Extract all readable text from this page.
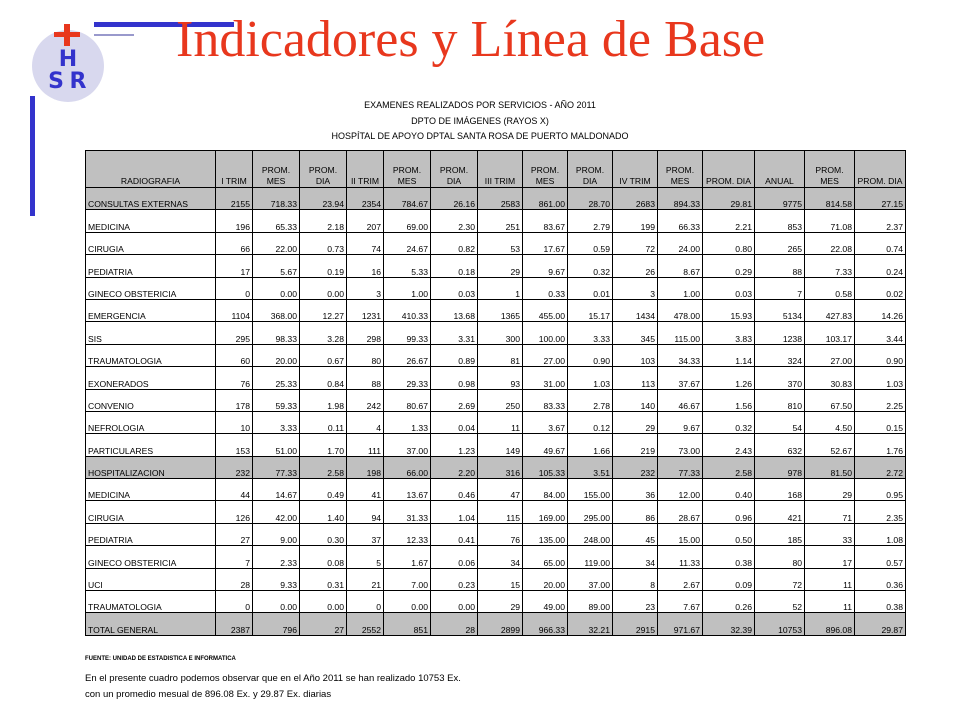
H
S R
Indicadores y Línea de Base
EXAMENES REALIZADOS POR SERVICIOS - AÑO 2011
DPTO DE IMÁGENES (RAYOS X)
HOSPÍTAL DE APOYO DPTAL SANTA ROSA DE PUERTO MALDONADO
RADIOGRAFIA	I TRIM	PROM. MES	PROM. DIA	II TRIM	PROM. MES	PROM. DIA	III TRIM	PROM. MES	PROM. DIA	IV TRIM	PROM. MES	PROM. DIA	ANUAL	PROM. MES	PROM. DIA
CONSULTAS EXTERNAS	2155	718.33	23.94	2354	784.67	26.16	2583	861.00	28.70	2683	894.33	29.81	9775	814.58	27.15
MEDICINA	196	65.33	2.18	207	69.00	2.30	251	83.67	2.79	199	66.33	2.21	853	71.08	2.37
CIRUGIA	66	22.00	0.73	74	24.67	0.82	53	17.67	0.59	72	24.00	0.80	265	22.08	0.74
PEDIATRIA	17	5.67	0.19	16	5.33	0.18	29	9.67	0.32	26	8.67	0.29	88	7.33	0.24
GINECO OBSTERICIA	0	0.00	0.00	3	1.00	0.03	1	0.33	0.01	3	1.00	0.03	7	0.58	0.02
EMERGENCIA	1104	368.00	12.27	1231	410.33	13.68	1365	455.00	15.17	1434	478.00	15.93	5134	427.83	14.26
SIS	295	98.33	3.28	298	99.33	3.31	300	100.00	3.33	345	115.00	3.83	1238	103.17	3.44
TRAUMATOLOGIA	60	20.00	0.67	80	26.67	0.89	81	27.00	0.90	103	34.33	1.14	324	27.00	0.90
EXONERADOS	76	25.33	0.84	88	29.33	0.98	93	31.00	1.03	113	37.67	1.26	370	30.83	1.03
CONVENIO	178	59.33	1.98	242	80.67	2.69	250	83.33	2.78	140	46.67	1.56	810	67.50	2.25
NEFROLOGIA	10	3.33	0.11	4	1.33	0.04	11	3.67	0.12	29	9.67	0.32	54	4.50	0.15
PARTICULARES	153	51.00	1.70	111	37.00	1.23	149	49.67	1.66	219	73.00	2.43	632	52.67	1.76
HOSPITALIZACION	232	77.33	2.58	198	66.00	2.20	316	105.33	3.51	232	77.33	2.58	978	81.50	2.72
MEDICINA	44	14.67	0.49	41	13.67	0.46	47	84.00	155.00	36	12.00	0.40	168	29	0.95
CIRUGIA	126	42.00	1.40	94	31.33	1.04	115	169.00	295.00	86	28.67	0.96	421	71	2.35
PEDIATRIA	27	9.00	0.30	37	12.33	0.41	76	135.00	248.00	45	15.00	0.50	185	33	1.08
GINECO OBSTERICIA	7	2.33	0.08	5	1.67	0.06	34	65.00	119.00	34	11.33	0.38	80	17	0.57
UCI	28	9.33	0.31	21	7.00	0.23	15	20.00	37.00	8	2.67	0.09	72	11	0.36
TRAUMATOLOGIA	0	0.00	0.00	0	0.00	0.00	29	49.00	89.00	23	7.67	0.26	52	11	0.38
TOTAL GENERAL	2387	796	27	2552	851	28	2899	966.33	32.21	2915	971.67	32.39	10753	896.08	29.87
FUENTE: UNIDAD DE ESTADISTICA E INFORMATICA
En el presente cuadro podemos observar que en el Año 2011 se han realizado 10753 Ex.
con un promedio mesual de 896.08 Ex. y 29.87 Ex. diarias
